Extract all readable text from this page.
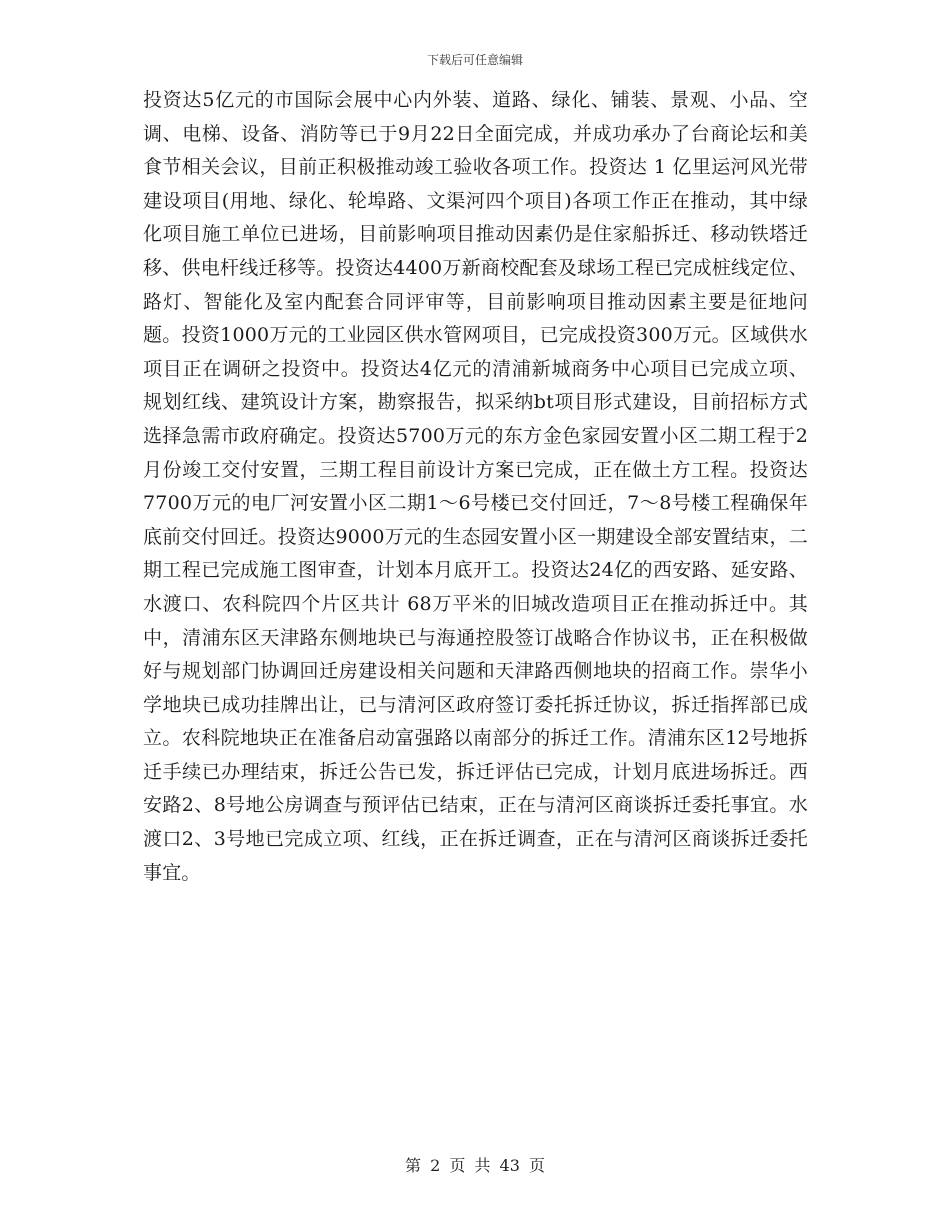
下载后可任意编辑

投资达5亿元的市国际会展中心内外装、道路、绿化、铺装、景观、小品、空调、电梯、设备、消防等已于9月22日全面完成，并成功承办了台商论坛和美食节相关会议，目前正积极推动竣工验收各项工作。投资达 1 亿里运河风光带建设项目(用地、绿化、轮埠路、文渠河四个项目)各项工作正在推动，其中绿化项目施工单位已进场，目前影响项目推动因素仍是住家船拆迁、移动铁塔迁移、供电杆线迁移等。投资达4400万新商校配套及球场工程已完成桩线定位、路灯、智能化及室内配套合同评审等，目前影响项目推动因素主要是征地问题。投资1000万元的工业园区供水管网项目，已完成投资300万元。区域供水项目正在调研之投资中。投资达4亿元的清浦新城商务中心项目已完成立项、规划红线、建筑设计方案，勘察报告，拟采纳bt项目形式建设，目前招标方式选择急需市政府确定。投资达5700万元的东方金色家园安置小区二期工程于2月份竣工交付安置，三期工程目前设计方案已完成，正在做土方工程。投资达7700万元的电厂河安置小区二期1～6号楼已交付回迁，7～8号楼工程确保年底前交付回迁。投资达9000万元的生态园安置小区一期建设全部安置结束，二期工程已完成施工图审查，计划本月底开工。投资达24亿的西安路、延安路、水渡口、农科院四个片区共计 68万平米的旧城改造项目正在推动拆迁中。其中，清浦东区天津路东侧地块已与海通控股签订战略合作协议书，正在积极做好与规划部门协调回迁房建设相关问题和天津路西侧地块的招商工作。崇华小学地块已成功挂牌出让，已与清河区政府签订委托拆迁协议，拆迁指挥部已成立。农科院地块正在准备启动富强路以南部分的拆迁工作。清浦东区12号地拆迁手续已办理结束，拆迁公告已发，拆迁评估已完成，计划月底进场拆迁。西安路2、8号地公房调查与预评估已结束，正在与清河区商谈拆迁委托事宜。水渡口2、3号地已完成立项、红线，正在拆迁调查，正在与清河区商谈拆迁委托事宜。

第 2 页 共 43 页
